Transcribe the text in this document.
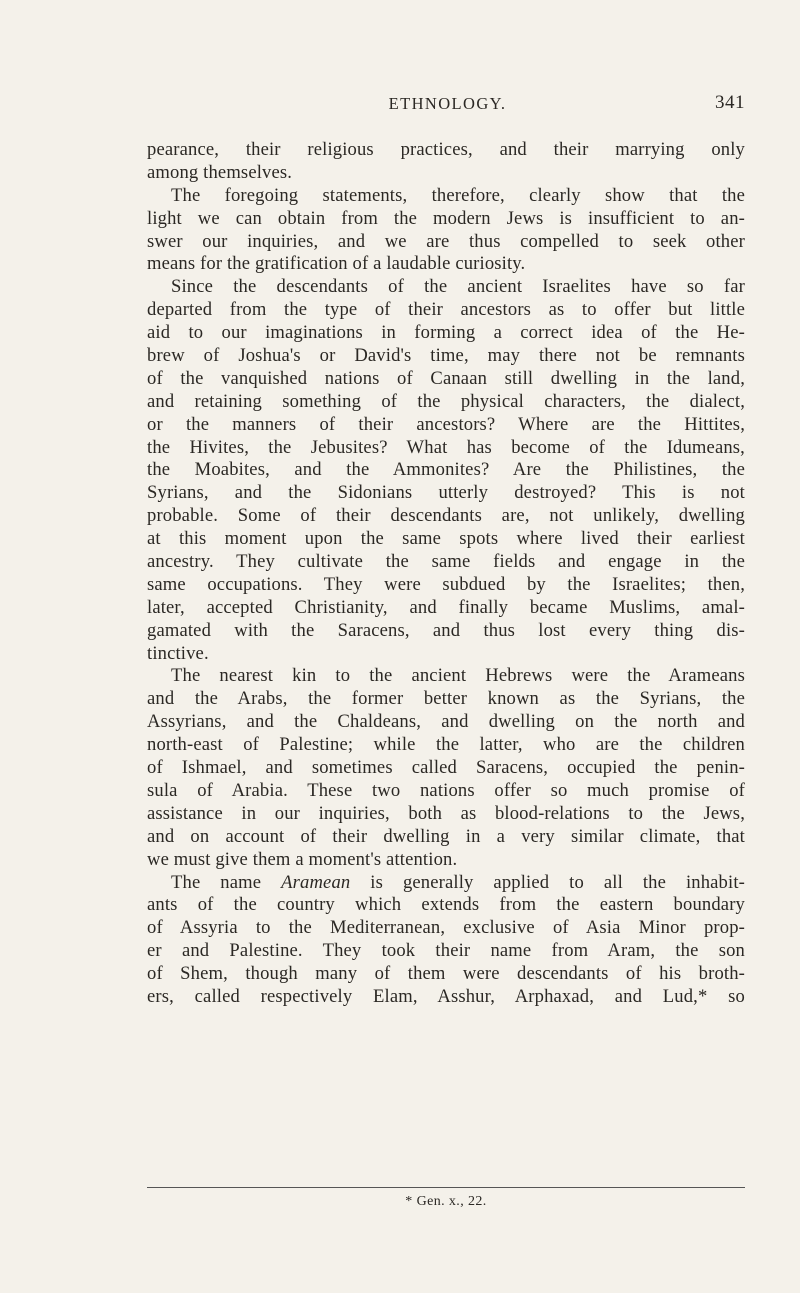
ETHNOLOGY.	341
pearance, their religious practices, and their marrying only
among themselves.
The foregoing statements, therefore, clearly show that the
light we can obtain from the modern Jews is insufficient to an-
swer our inquiries, and we are thus compelled to seek other
means for the gratification of a laudable curiosity.
Since the descendants of the ancient Israelites have so far
departed from the type of their ancestors as to offer but little
aid to our imaginations in forming a correct idea of the He-
brew of Joshua's or David's time, may there not be remnants
of the vanquished nations of Canaan still dwelling in the land,
and retaining something of the physical characters, the dialect,
or the manners of their ancestors? Where are the Hittites,
the Hivites, the Jebusites? What has become of the Idumeans,
the Moabites, and the Ammonites? Are the Philistines, the
Syrians, and the Sidonians utterly destroyed? This is not
probable. Some of their descendants are, not unlikely, dwelling
at this moment upon the same spots where lived their earliest
ancestry. They cultivate the same fields and engage in the
same occupations. They were subdued by the Israelites; then,
later, accepted Christianity, and finally became Muslims, amal-
gamated with the Saracens, and thus lost every thing dis-
tinctive.
The nearest kin to the ancient Hebrews were the Arameans
and the Arabs, the former better known as the Syrians, the
Assyrians, and the Chaldeans, and dwelling on the north and
north-east of Palestine; while the latter, who are the children
of Ishmael, and sometimes called Saracens, occupied the penin-
sula of Arabia. These two nations offer so much promise of
assistance in our inquiries, both as blood-relations to the Jews,
and on account of their dwelling in a very similar climate, that
we must give them a moment's attention.
The name Aramean is generally applied to all the inhabit-
ants of the country which extends from the eastern boundary
of Assyria to the Mediterranean, exclusive of Asia Minor prop-
er and Palestine. They took their name from Aram, the son
of Shem, though many of them were descendants of his broth-
ers, called respectively Elam, Asshur, Arphaxad, and Lud,* so
* Gen. x., 22.
